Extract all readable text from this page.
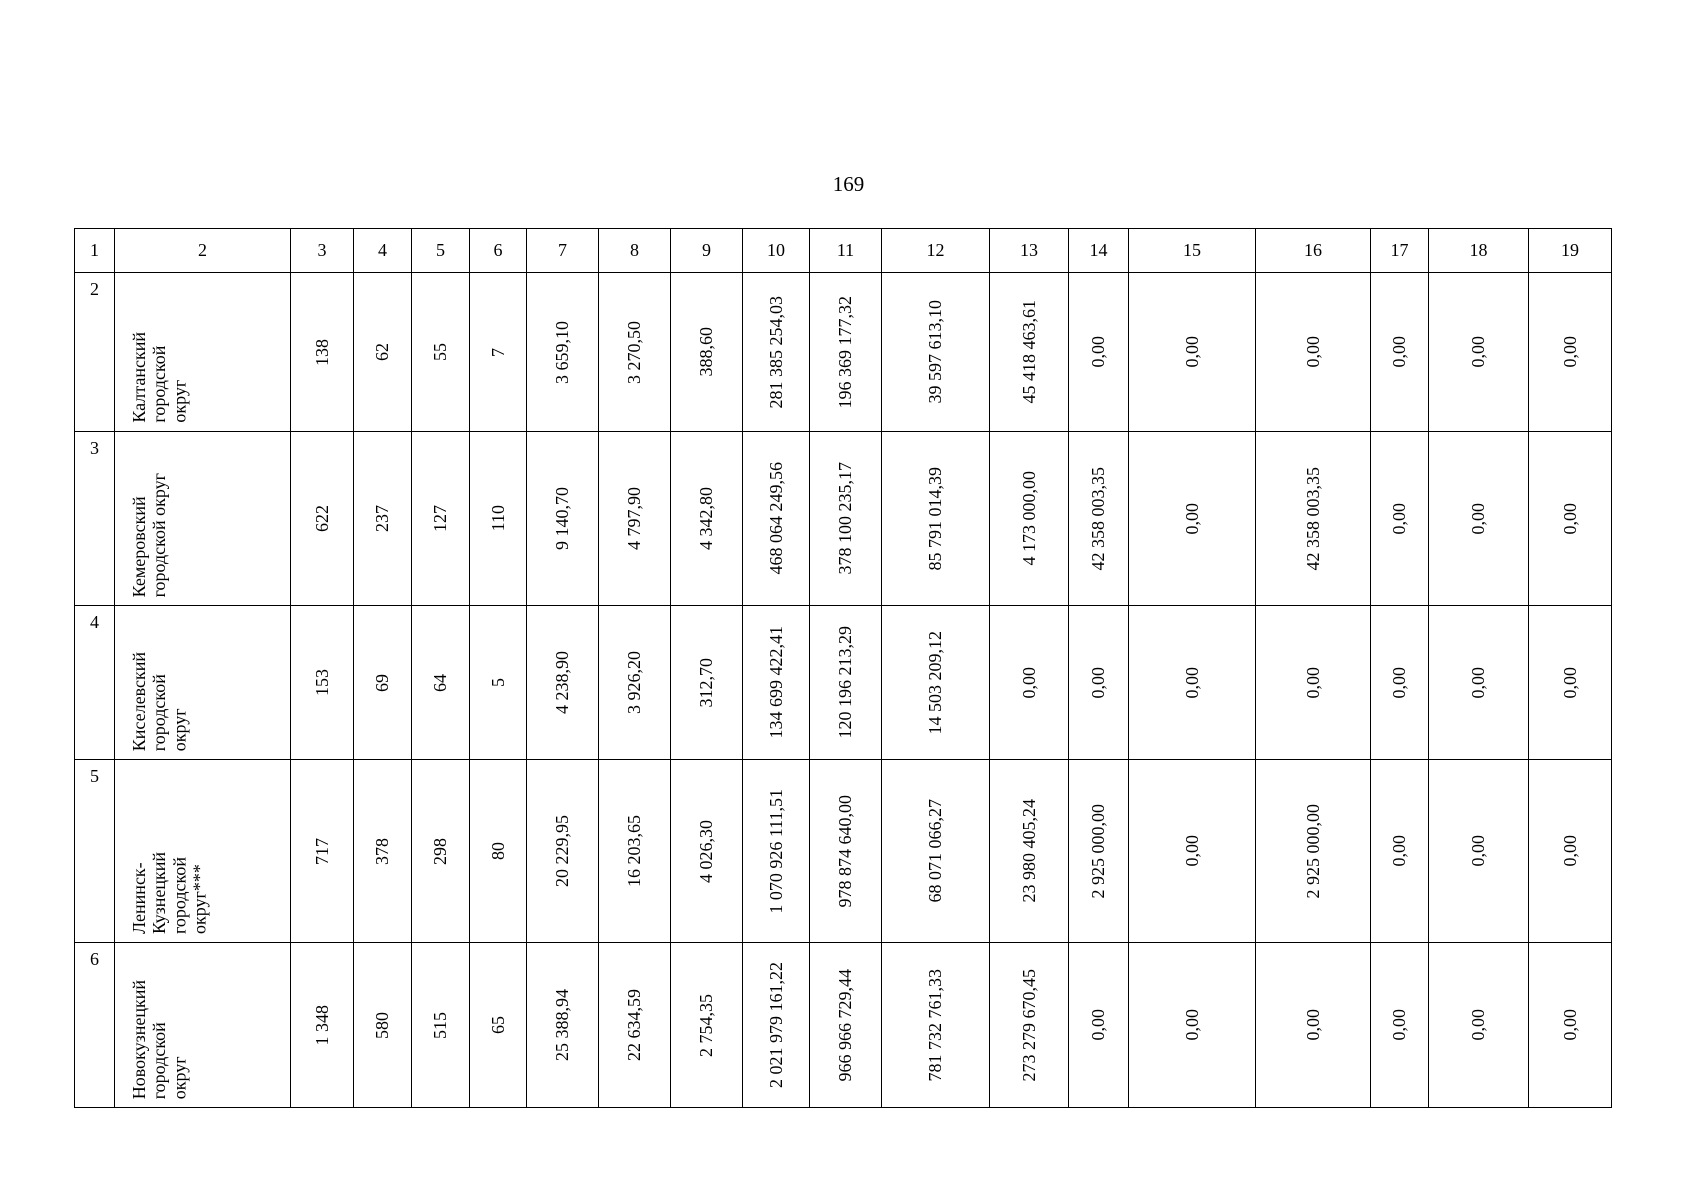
169
1	2	3	4	5	6	7	8	9	10	11	12	13	14	15	16	17	18	19
2	Калтанский
городской
округ	138	62	55	7	3 659,10	3 270,50	388,60	281 385 254,03	196 369 177,32	39 597 613,10	45 418 463,61	0,00	0,00	0,00	0,00	0,00	0,00

3	Кемеровский
городской округ	622	237	127	110	9 140,70	4 797,90	4 342,80	468 064 249,56	378 100 235,17	85 791 014,39	4 173 000,00	42 358 003,35	0,00	42 358 003,35	0,00	0,00	0,00

4	Киселевский
городской
округ	153	69	64	5	4 238,90	3 926,20	312,70	134 699 422,41	120 196 213,29	14 503 209,12	0,00	0,00	0,00	0,00	0,00	0,00	0,00

5	Ленинск-
Кузнецкий
городской
округ***	717	378	298	80	20 229,95	16 203,65	4 026,30	1 070 926 111,51	978 874 640,00	68 071 066,27	23 980 405,24	2 925 000,00	0,00	2 925 000,00	0,00	0,00	0,00

6	Новокузнецкий
городской
округ	1 348	580	515	65	25 388,94	22 634,59	2 754,35	2 021 979 161,22	966 966 729,44	781 732 761,33	273 279 670,45	0,00	0,00	0,00	0,00	0,00	0,00
